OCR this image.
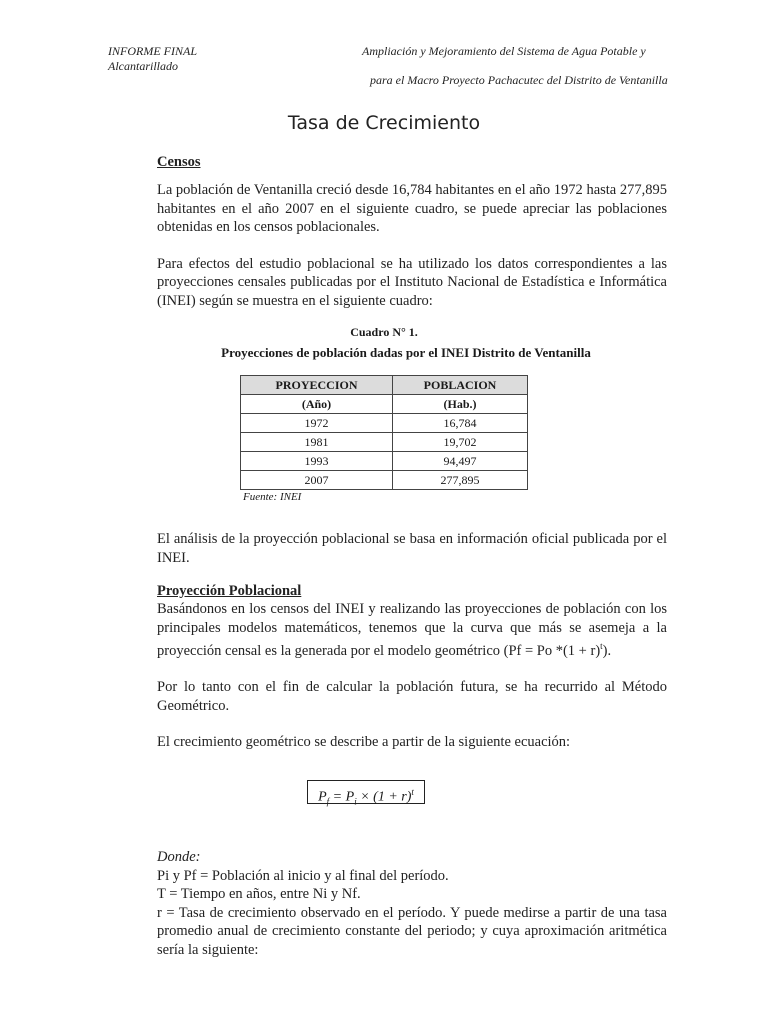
INFORME FINAL
Alcantarillado
Ampliación y Mejoramiento del Sistema de Agua Potable y
para el Macro Proyecto Pachacutec del Distrito de Ventanilla
Tasa de Crecimiento
Censos

La población de Ventanilla creció desde 16,784 habitantes en el año 1972 hasta 277,895 habitantes en el año 2007 en el siguiente cuadro, se puede apreciar las poblaciones obtenidas en los censos poblacionales.

Para efectos del estudio poblacional se ha utilizado los datos correspondientes a las proyecciones censales publicadas por el Instituto Nacional de Estadística e Informática (INEI) según se muestra en el siguiente cuadro:

Cuadro N° 1.
Proyecciones de población dadas por el INEI Distrito de Ventanilla
PROYECCION	POBLACION
(Año)	(Hab.)
1972	16,784
1981	19,702
1993	94,497
2007	277,895
Fuente: INEI

El análisis de la proyección poblacional se basa en información oficial publicada por el INEI.

Proyección Poblacional

Basándonos en los censos del INEI y realizando las proyecciones de población con los principales modelos matemáticos, tenemos que la curva que más se asemeja a la proyección censal es la generada por el modelo geométrico (Pf = Po $*(1 + r)^t$).

Por lo tanto con el fin de calcular la población futura, se ha recurrido al Método Geométrico.

El crecimiento geométrico se describe a partir de la siguiente ecuación:

$P_f = P_i \times (1 + r)^t$

Donde:

Pi y Pf = Población al inicio y al final del período.

T = Tiempo en años, entre Ni y Nf.

r = Tasa de crecimiento observado en el período. Y puede medirse a partir de una tasa promedio anual de crecimiento constante del periodo; y cuya aproximación aritmética sería la siguiente:
